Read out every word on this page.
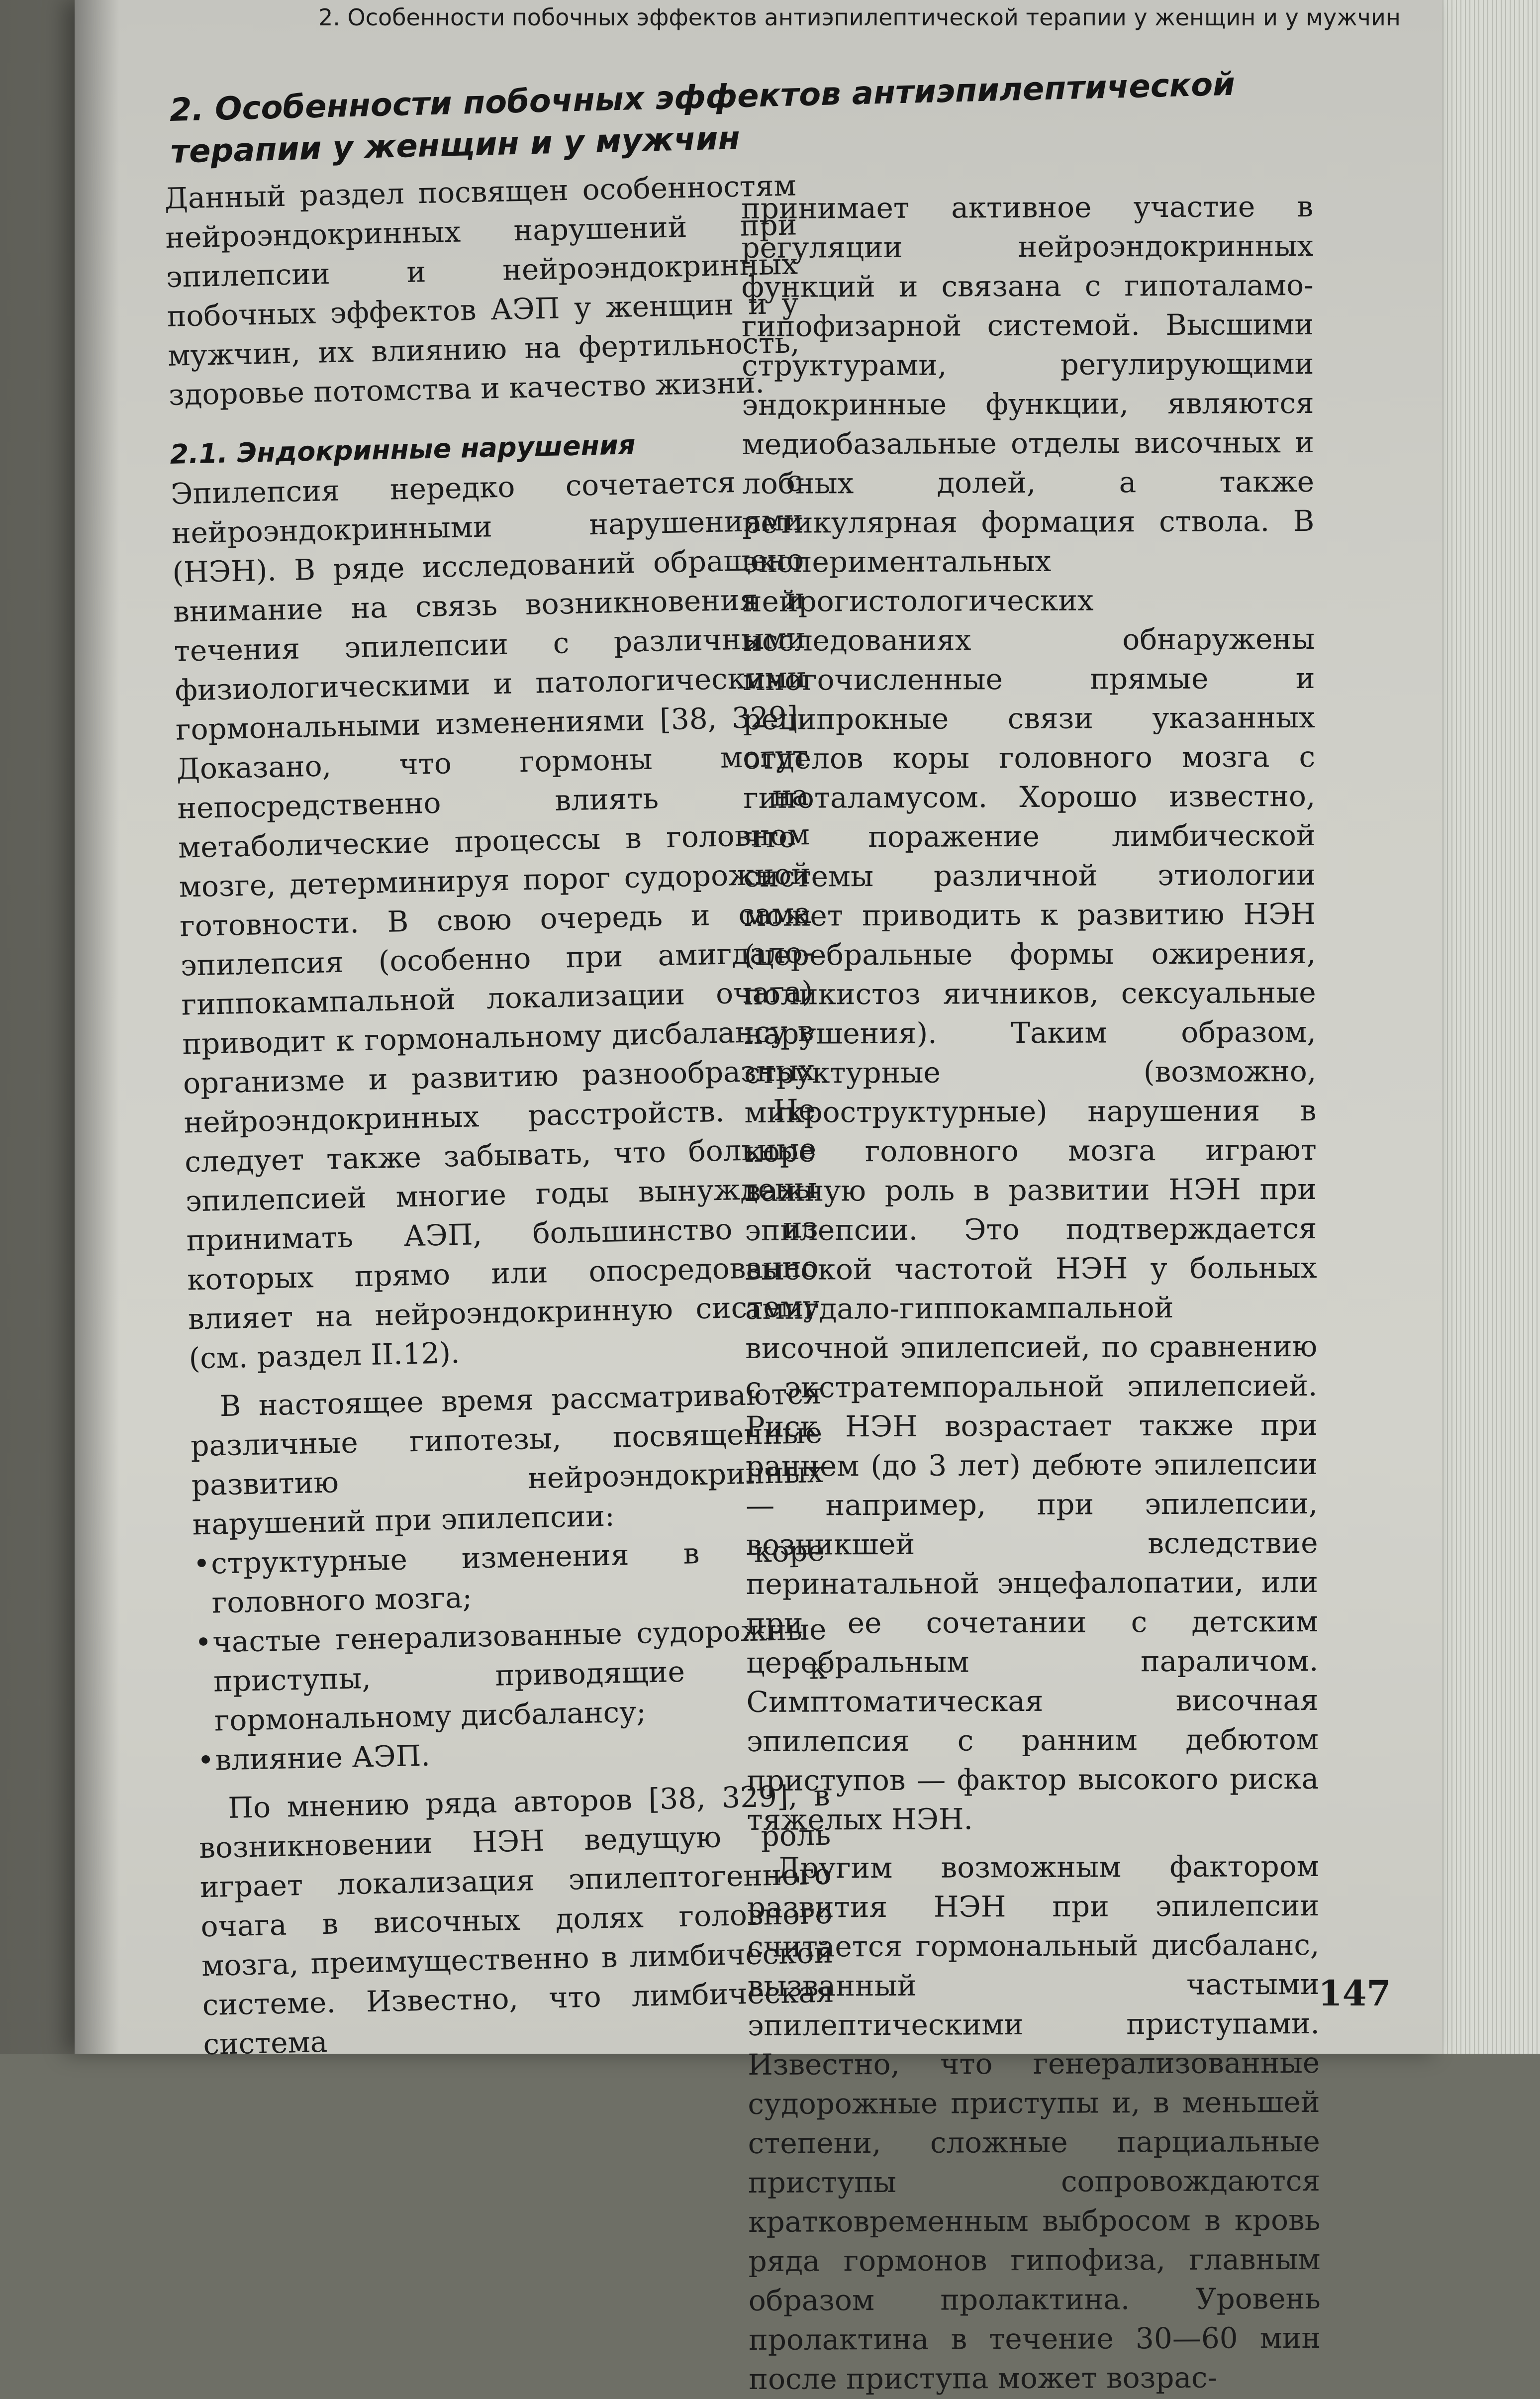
2. Особенности побочных эффектов антиэпилептической терапии у женщин и у мужчин
2. Особенности побочных эффектов антиэпилептической терапии у женщин и у мужчин

Данный раздел посвящен особенностям нейроэндокринных нарушений при эпилепсии и нейроэндокринных побочных эффектов АЭП у женщин и у мужчин, их влиянию на фертильность, здоровье потомства и качество жизни.

2.1. Эндокринные нарушения

Эпилепсия нередко сочетается с нейроэндокринными нарушениями (НЭН). В ряде исследований обращено внимание на связь возникновения и течения эпилепсии с различными физиологическими и патологическими гормональными изменениями [38, 329]. Доказано, что гормоны могут непосредственно влиять на метаболические процессы в головном мозге, детерминируя порог судорожной готовности. В свою очередь и сама эпилепсия (особенно при амигдало-гиппокампальной локализации очага) приводит к гормональному дисбалансу в организме и развитию разнообразных нейроэндокринных расстройств. Не следует также забывать, что больные эпилепсией многие годы вынуждены принимать АЭП, большинство из которых прямо или опосредованно влияет на нейроэндокринную систему (см. раздел II.12).

В настоящее время рассматриваются различные гипотезы, посвященные развитию нейроэндокринных нарушений при эпилепсии:

• структурные изменения в коре головного мозга;
• частые генерализованные судорожные приступы, приводящие к гормональному дисбалансу;
• влияние АЭП.

По мнению ряда авторов [38, 329], в возникновении НЭН ведущую роль играет локализация эпилептогенного очага в височных долях головного мозга, преимущественно в лимбической системе. Известно, что лимбическая система

принимает активное участие в регуляции нейроэндокринных функций и связана с гипоталамо-гипофизарной системой. Высшими структурами, регулирующими эндокринные функции, являются медиобазальные отделы височных и лобных долей, а также ретикулярная формация ствола. В экспериментальных нейрогистологических исследованиях обнаружены многочисленные прямые и реципрокные связи указанных отделов коры головного мозга с гипоталамусом. Хорошо известно, что поражение лимбической системы различной этиологии может приводить к развитию НЭН (церебральные формы ожирения, поликистоз яичников, сексуальные нарушения). Таким образом, структурные (возможно, микроструктурные) нарушения в коре головного мозга играют важную роль в развитии НЭН при эпилепсии. Это подтверждается высокой частотой НЭН у больных амигдало-гиппокампальной височной эпилепсией, по сравнению с экстратемпоральной эпилепсией. Риск НЭН возрастает также при раннем (до 3 лет) дебюте эпилепсии — например, при эпилепсии, возникшей вследствие перинатальной энцефалопатии, или при ее сочетании с детским церебральным параличом. Симптоматическая височная эпилепсия с ранним дебютом приступов — фактор высокого риска тяжелых НЭН.

Другим возможным фактором развития НЭН при эпилепсии считается гормональный дисбаланс, вызванный частыми эпилептическими приступами. Известно, что генерализованные судорожные приступы и, в меньшей степени, сложные парциальные приступы сопровождаются кратковременным выбросом в кровь ряда гормонов гипофиза, главным образом пролактина. Уровень пролактина в течение 30—60 мин после приступа может возрас-

147
